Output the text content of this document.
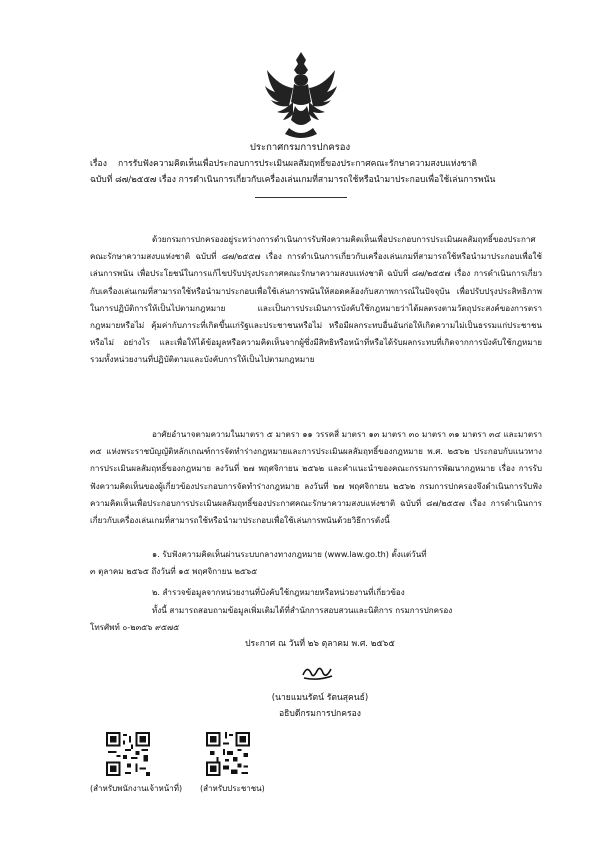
ประกาศกรมการปกครอง
เรื่อง การรับฟังความคิดเห็นเพื่อประกอบการประเมินผลสัมฤทธิ์ของประกาศคณะรักษาความสงบแห่งชาติ
ฉบับที่ ๘๗/๒๕๕๗ เรื่อง การดำเนินการเกี่ยวกับเครื่องเล่นเกมที่สามารถใช้หรือนำมาประกอบเพื่อใช้เล่นการพนัน
ด้วยกรมการปกครองอยู่ระหว่างการดำเนินการรับฟังความคิดเห็นเพื่อประกอบการประเมินผลสัมฤทธิ์ของประกาศคณะรักษาความสงบแห่งชาติ ฉบับที่ ๘๗/๒๕๕๗ เรื่อง การดำเนินการเกี่ยวกับเครื่องเล่นเกมที่สามารถใช้หรือนำมาประกอบเพื่อใช้เล่นการพนัน เพื่อประโยชน์ในการแก้ไขปรับปรุงประกาศคณะรักษาความสงบแห่งชาติ ฉบับที่ ๘๗/๒๕๕๗ เรื่อง การดำเนินการเกี่ยวกับเครื่องเล่นเกมที่สามารถใช้หรือนำมาประกอบเพื่อใช้เล่นการพนันให้สอดคล้องกับสภาพการณ์ในปัจจุบัน เพื่อปรับปรุงประสิทธิภาพในการปฏิบัติการให้เป็นไปตามกฎหมาย และเป็นการประเมินการบังคับใช้กฎหมายว่าได้ผลตรงตามวัตถุประสงค์ของการตรากฎหมายหรือไม่ คุ้มค่ากับภาระที่เกิดขึ้นแก่รัฐและประชาชนหรือไม่ หรือมีผลกระทบอื่นอันก่อให้เกิดความไม่เป็นธรรมแก่ประชาชนหรือไม่ อย่างไร และเพื่อให้ได้ข้อมูลหรือความคิดเห็นจากผู้ซึ่งมีสิทธิหรือหน้าที่หรือได้รับผลกระทบที่เกิดจากการบังคับใช้กฎหมาย รวมทั้งหน่วยงานที่ปฏิบัติตามและบังคับการให้เป็นไปตามกฎหมาย
อาศัยอำนาจตามความในมาตรา ๕ มาตรา ๑๑ วรรคสี่ มาตรา ๑๓ มาตรา ๓๐ มาตรา ๓๑ มาตรา ๓๔ และมาตรา ๓๕ แห่งพระราชบัญญัติหลักเกณฑ์การจัดทำร่างกฎหมายและการประเมินผลสัมฤทธิ์ของกฎหมาย พ.ศ. ๒๕๖๒ ประกอบกับแนวทางการประเมินผลสัมฤทธิ์ของกฎหมาย ลงวันที่ ๒๗ พฤศจิกายน ๒๕๖๒ และคำแนะนำของคณะกรรมการพัฒนากฎหมาย เรื่อง การรับฟังความคิดเห็นของผู้เกี่ยวข้องประกอบการจัดทำร่างกฎหมาย ลงวันที่ ๒๗ พฤศจิกายน ๒๕๖๒ กรมการปกครองจึงดำเนินการรับฟังความคิดเห็นเพื่อประกอบการประเมินผลสัมฤทธิ์ของประกาศคณะรักษาความสงบแห่งชาติ ฉบับที่ ๘๗/๒๕๕๗ เรื่อง การดำเนินการเกี่ยวกับเครื่องเล่นเกมที่สามารถใช้หรือนำมาประกอบเพื่อใช้เล่นการพนันด้วยวิธีการดังนี้
๑. รับฟังความคิดเห็นผ่านระบบกลางทางกฎหมาย (www.law.go.th) ตั้งแต่วันที่
๓ ตุลาคม ๒๕๖๕ ถึงวันที่ ๑๕ พฤศจิกายน ๒๕๖๕
๒. สำรวจข้อมูลจากหน่วยงานที่บังคับใช้กฎหมายหรือหน่วยงานที่เกี่ยวข้อง
ทั้งนี้ สามารถสอบถามข้อมูลเพิ่มเติมได้ที่สำนักการสอบสวนและนิติการ กรมการปกครอง
โทรศัพท์ ๐-๒๓๕๖ ๙๕๗๕
ประกาศ ณ วันที่ ๒๖ ตุลาคม พ.ศ. ๒๕๖๕
(นายแมนรัตน์ รัตนสุคนธ์)
อธิบดีกรมการปกครอง
(สำหรับพนักงานเจ้าหน้าที่) (สำหรับประชาชน)
